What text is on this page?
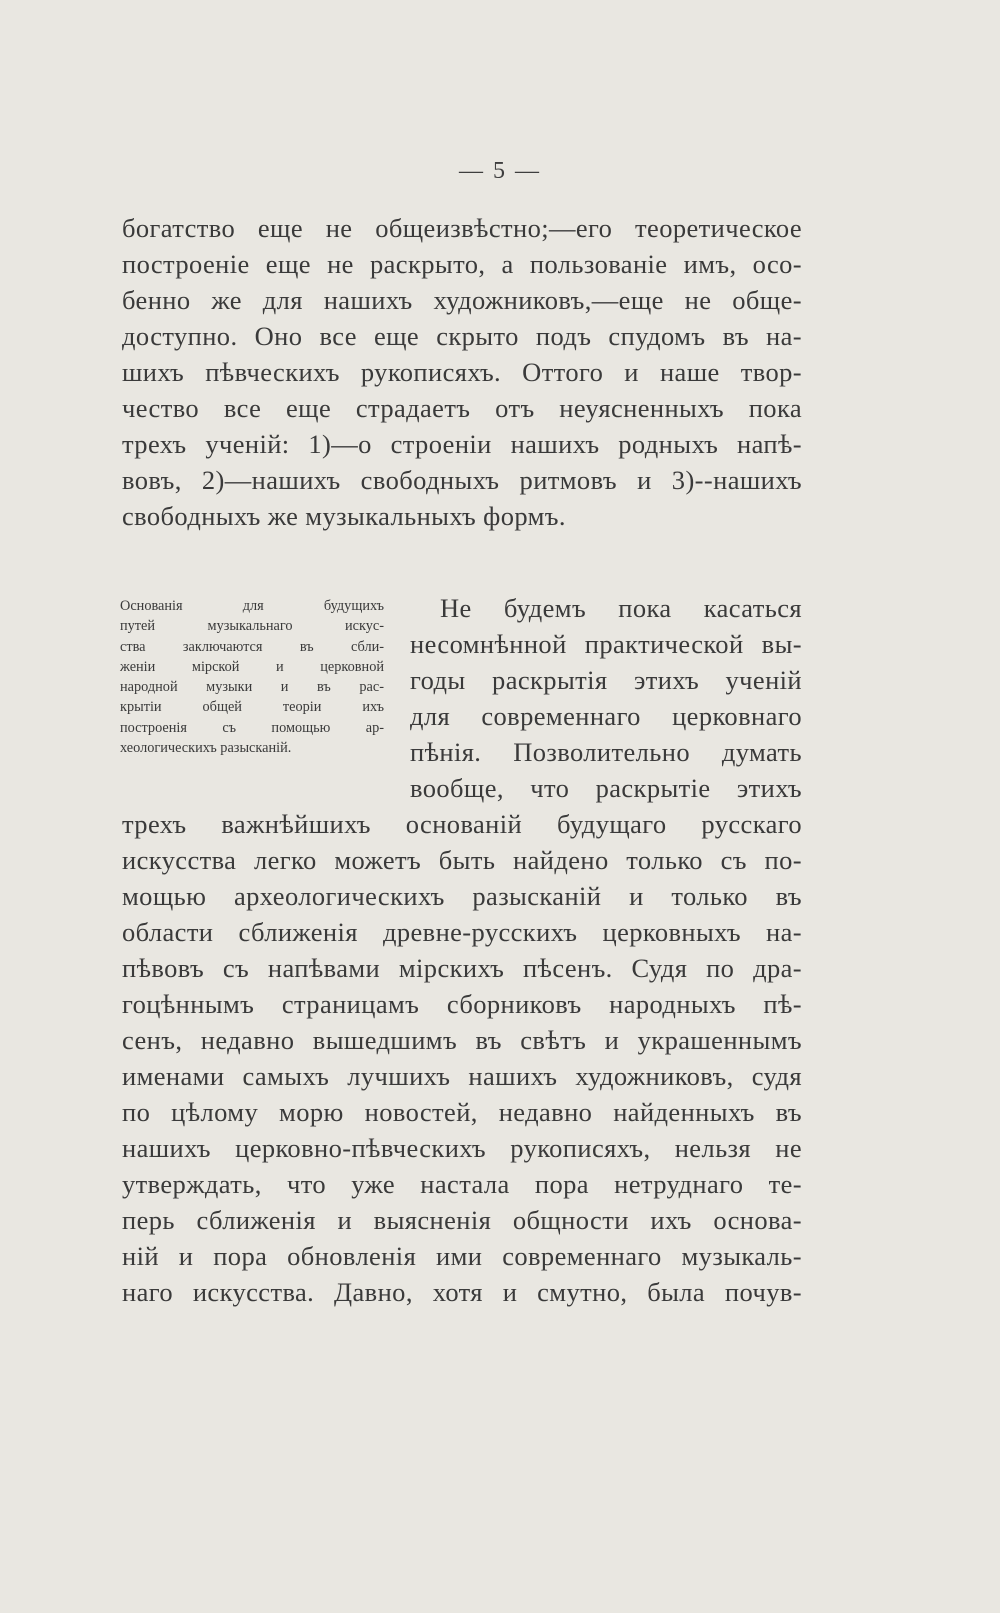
— 5 —
богатство еще не общеизвѣстно;—его теоретическое
построеніе еще не раскрыто, а пользованіе имъ, осо-
бенно же для нашихъ художниковъ,—еще не обще-
доступно. Оно все еще скрыто подъ спудомъ въ на-
шихъ пѣвческихъ рукописяхъ. Оттого и наше твор-
чество все еще страдаетъ отъ неуясненныхъ пока
трехъ ученій: 1)—о строеніи нашихъ родныхъ напѣ-
вовъ, 2)—нашихъ свободныхъ ритмовъ и 3)--нашихъ
свободныхъ же музыкальныхъ формъ.
Основанія для будущихъ
путей музыкальнаго искус-
ства заключаются въ сбли-
женіи мірской и церковной
народной музыки и въ рас-
крытіи общей теоріи ихъ
построенія съ помощью ар-
хеологическихъ разысканій.
Не будемъ пока касаться
несомнѣнной практической вы-
годы раскрытія этихъ ученій
для современнаго церковнаго
пѣнія. Позволительно думать
вообще, что раскрытіе этихъ
трехъ важнѣйшихъ основаній будущаго русскаго
искусства легко можетъ быть найдено только съ по-
мощью археологическихъ разысканій и только въ
области сближенія древне-русскихъ церковныхъ на-
пѣвовъ съ напѣвами мірскихъ пѣсенъ. Судя по дра-
гоцѣннымъ страницамъ сборниковъ народныхъ пѣ-
сенъ, недавно вышедшимъ въ свѣтъ и украшеннымъ
именами самыхъ лучшихъ нашихъ художниковъ, судя
по цѣлому морю новостей, недавно найденныхъ въ
нашихъ церковно-пѣвческихъ рукописяхъ, нельзя не
утверждать, что уже настала пора нетруднаго те-
перь сближенія и выясненія общности ихъ основа-
ній и пора обновленія ими современнаго музыкаль-
наго искусства. Давно, хотя и смутно, была почув-
